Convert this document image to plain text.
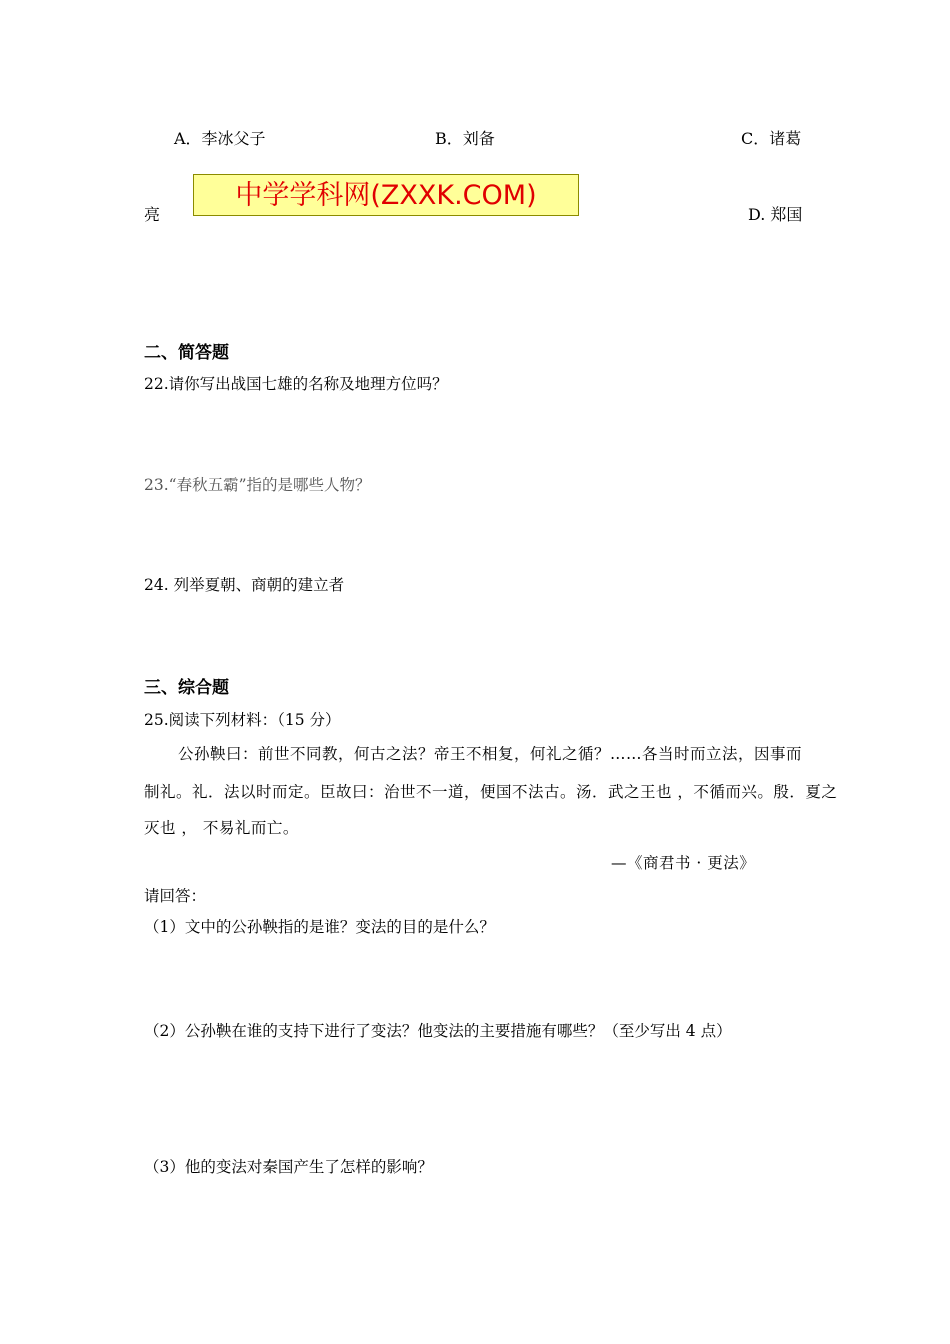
A．李冰父子	B．刘备	C．诸葛
亮	D. 郑国
中学学科网(ZXXK.COM)
二、简答题
22.请你写出战国七雄的名称及地理方位吗？
23.“春秋五霸”指的是哪些人物？
24. 列举夏朝、商朝的建立者
三、综合题
25.阅读下列材料：（15 分）
公孙鞅曰：前世不同教，何古之法？帝王不相复，何礼之循？……各当时而立法，因事而
制礼。礼．法以时而定。臣故曰：治世不一道，便国不法古。汤．武之王也 ，不循而兴。殷．夏之
灭也 ， 不易礼而亡。
—《商君书 · 更法》
请回答：
（1）文中的公孙鞅指的是谁？变法的目的是什么？
（2）公孙鞅在谁的支持下进行了变法？他变法的主要措施有哪些？（至少写出 4 点）
（3）他的变法对秦国产生了怎样的影响？
